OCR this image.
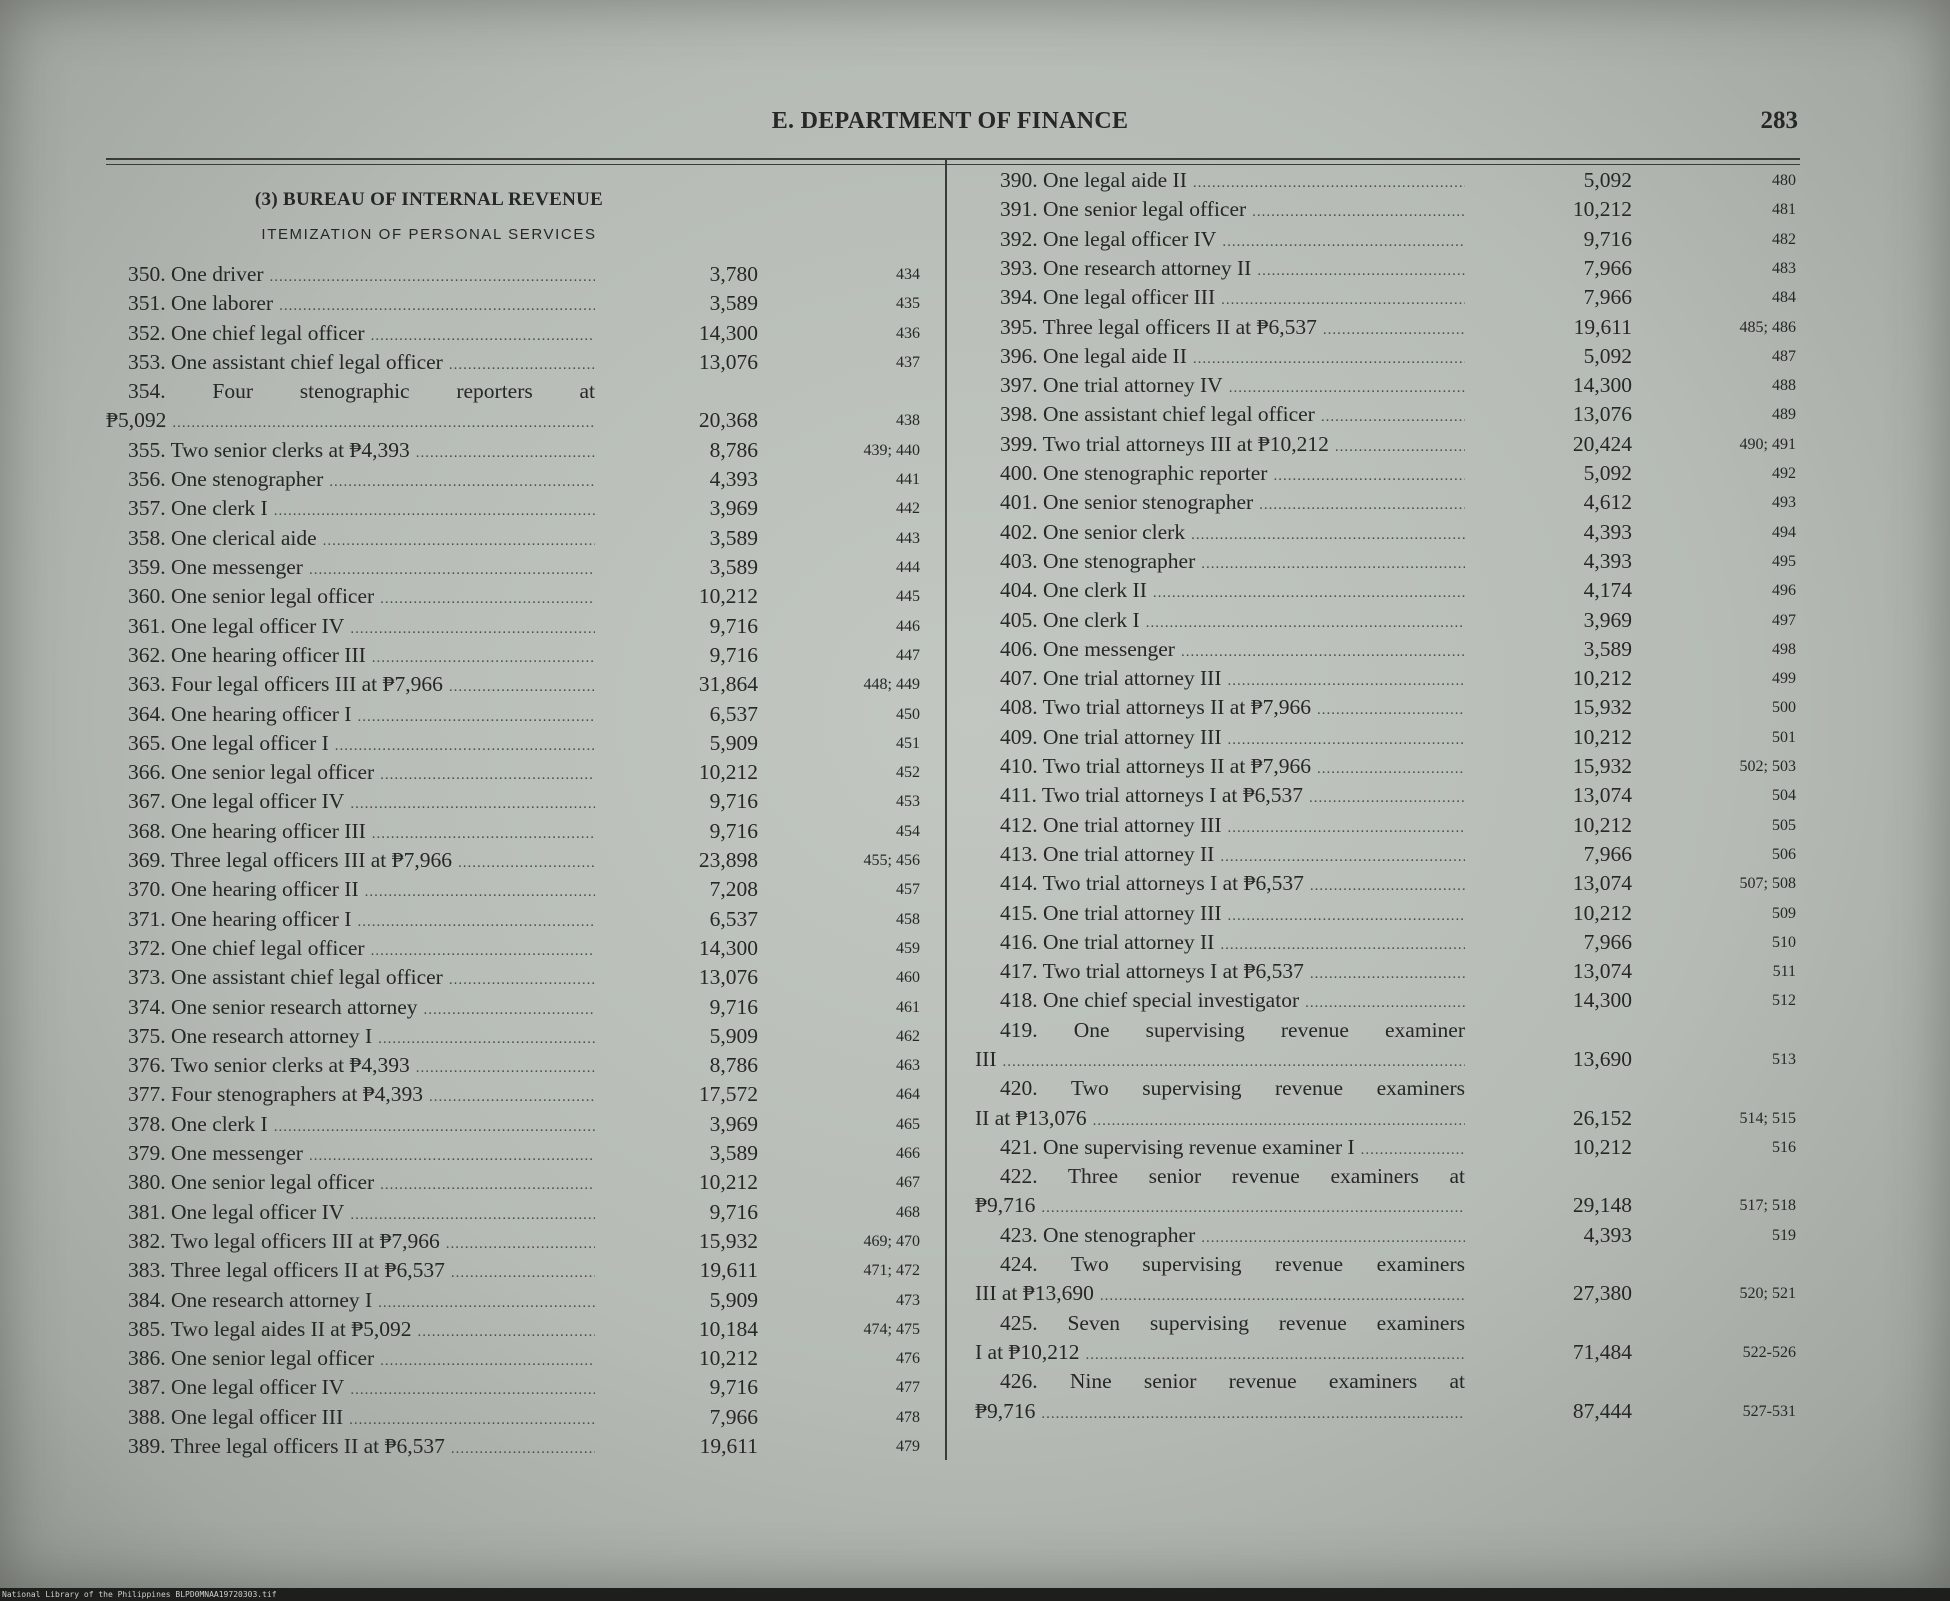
E. DEPARTMENT OF FINANCE	283
(3) BUREAU OF INTERNAL REVENUE
ITEMIZATION OF PERSONAL SERVICES
350. One driver .....	3,780	434
351. One laborer .....	3,589	435
352. One chief legal officer .....	14,300	436
353. One assistant chief legal officer .....	13,076	437
354. Four stenographic reporters at
₱5,092 .....	20,368	438
355. Two senior clerks at ₱4,393 .....	8,786	439; 440
356. One stenographer .....	4,393	441
357. One clerk I .....	3,969	442
358. One clerical aide .....	3,589	443
359. One messenger .....	3,589	444
360. One senior legal officer .....	10,212	445
361. One legal officer IV .....	9,716	446
362. One hearing officer III .....	9,716	447
363. Four legal officers III at ₱7,966 .....	31,864	448; 449
364. One hearing officer I .....	6,537	450
365. One legal officer I .....	5,909	451
366. One senior legal officer .....	10,212	452
367. One legal officer IV .....	9,716	453
368. One hearing officer III .....	9,716	454
369. Three legal officers III at ₱7,966 .....	23,898	455; 456
370. One hearing officer II .....	7,208	457
371. One hearing officer I .....	6,537	458
372. One chief legal officer .....	14,300	459
373. One assistant chief legal officer .....	13,076	460
374. One senior research attorney .....	9,716	461
375. One research attorney I .....	5,909	462
376. Two senior clerks at ₱4,393 .....	8,786	463
377. Four stenographers at ₱4,393 .....	17,572	464
378. One clerk I .....	3,969	465
379. One messenger .....	3,589	466
380. One senior legal officer .....	10,212	467
381. One legal officer IV .....	9,716	468
382. Two legal officers III at ₱7,966 .....	15,932	469; 470
383. Three legal officers II at ₱6,537 .....	19,611	471; 472
384. One research attorney I .....	5,909	473
385. Two legal aides II at ₱5,092 .....	10,184	474; 475
386. One senior legal officer .....	10,212	476
387. One legal officer IV .....	9,716	477
388. One legal officer III .....	7,966	478
389. Three legal officers II at ₱6,537 .....	19,611	479
390. One legal aide II .....	5,092	480
391. One senior legal officer .....	10,212	481
392. One legal officer IV .....	9,716	482
393. One research attorney II .....	7,966	483
394. One legal officer III .....	7,966	484
395. Three legal officers II at ₱6,537 .....	19,611	485; 486
396. One legal aide II .....	5,092	487
397. One trial attorney IV .....	14,300	488
398. One assistant chief legal officer .....	13,076	489
399. Two trial attorneys III at ₱10,212 .....	20,424	490; 491
400. One stenographic reporter .....	5,092	492
401. One senior stenographer .....	4,612	493
402. One senior clerk .....	4,393	494
403. One stenographer .....	4,393	495
404. One clerk II .....	4,174	496
405. One clerk I .....	3,969	497
406. One messenger .....	3,589	498
407. One trial attorney III .....	10,212	499
408. Two trial attorneys II at ₱7,966 .....	15,932	500
409. One trial attorney III .....	10,212	501
410. Two trial attorneys II at ₱7,966 .....	15,932	502; 503
411. Two trial attorneys I at ₱6,537 .....	13,074	504
412. One trial attorney III .....	10,212	505
413. One trial attorney II .....	7,966	506
414. Two trial attorneys I at ₱6,537 .....	13,074	507; 508
415. One trial attorney III .....	10,212	509
416. One trial attorney II .....	7,966	510
417. Two trial attorneys I at ₱6,537 .....	13,074	511
418. One chief special investigator .....	14,300	512
419. One supervising revenue examiner
III .....	13,690	513
420. Two supervising revenue examiners
II at ₱13,076 .....	26,152	514; 515
421. One supervising revenue examiner I .....	10,212	516
422. Three senior revenue examiners at
₱9,716 .....	29,148	517; 518
423. One stenographer .....	4,393	519
424. Two supervising revenue examiners
III at ₱13,690 .....	27,380	520; 521
425. Seven supervising revenue examiners
I at ₱10,212 .....	71,484	522-526
426. Nine senior revenue examiners at
₱9,716 .....	87,444	527-531
National Library of the Philippines BLPD0MNAA19720303.tif
